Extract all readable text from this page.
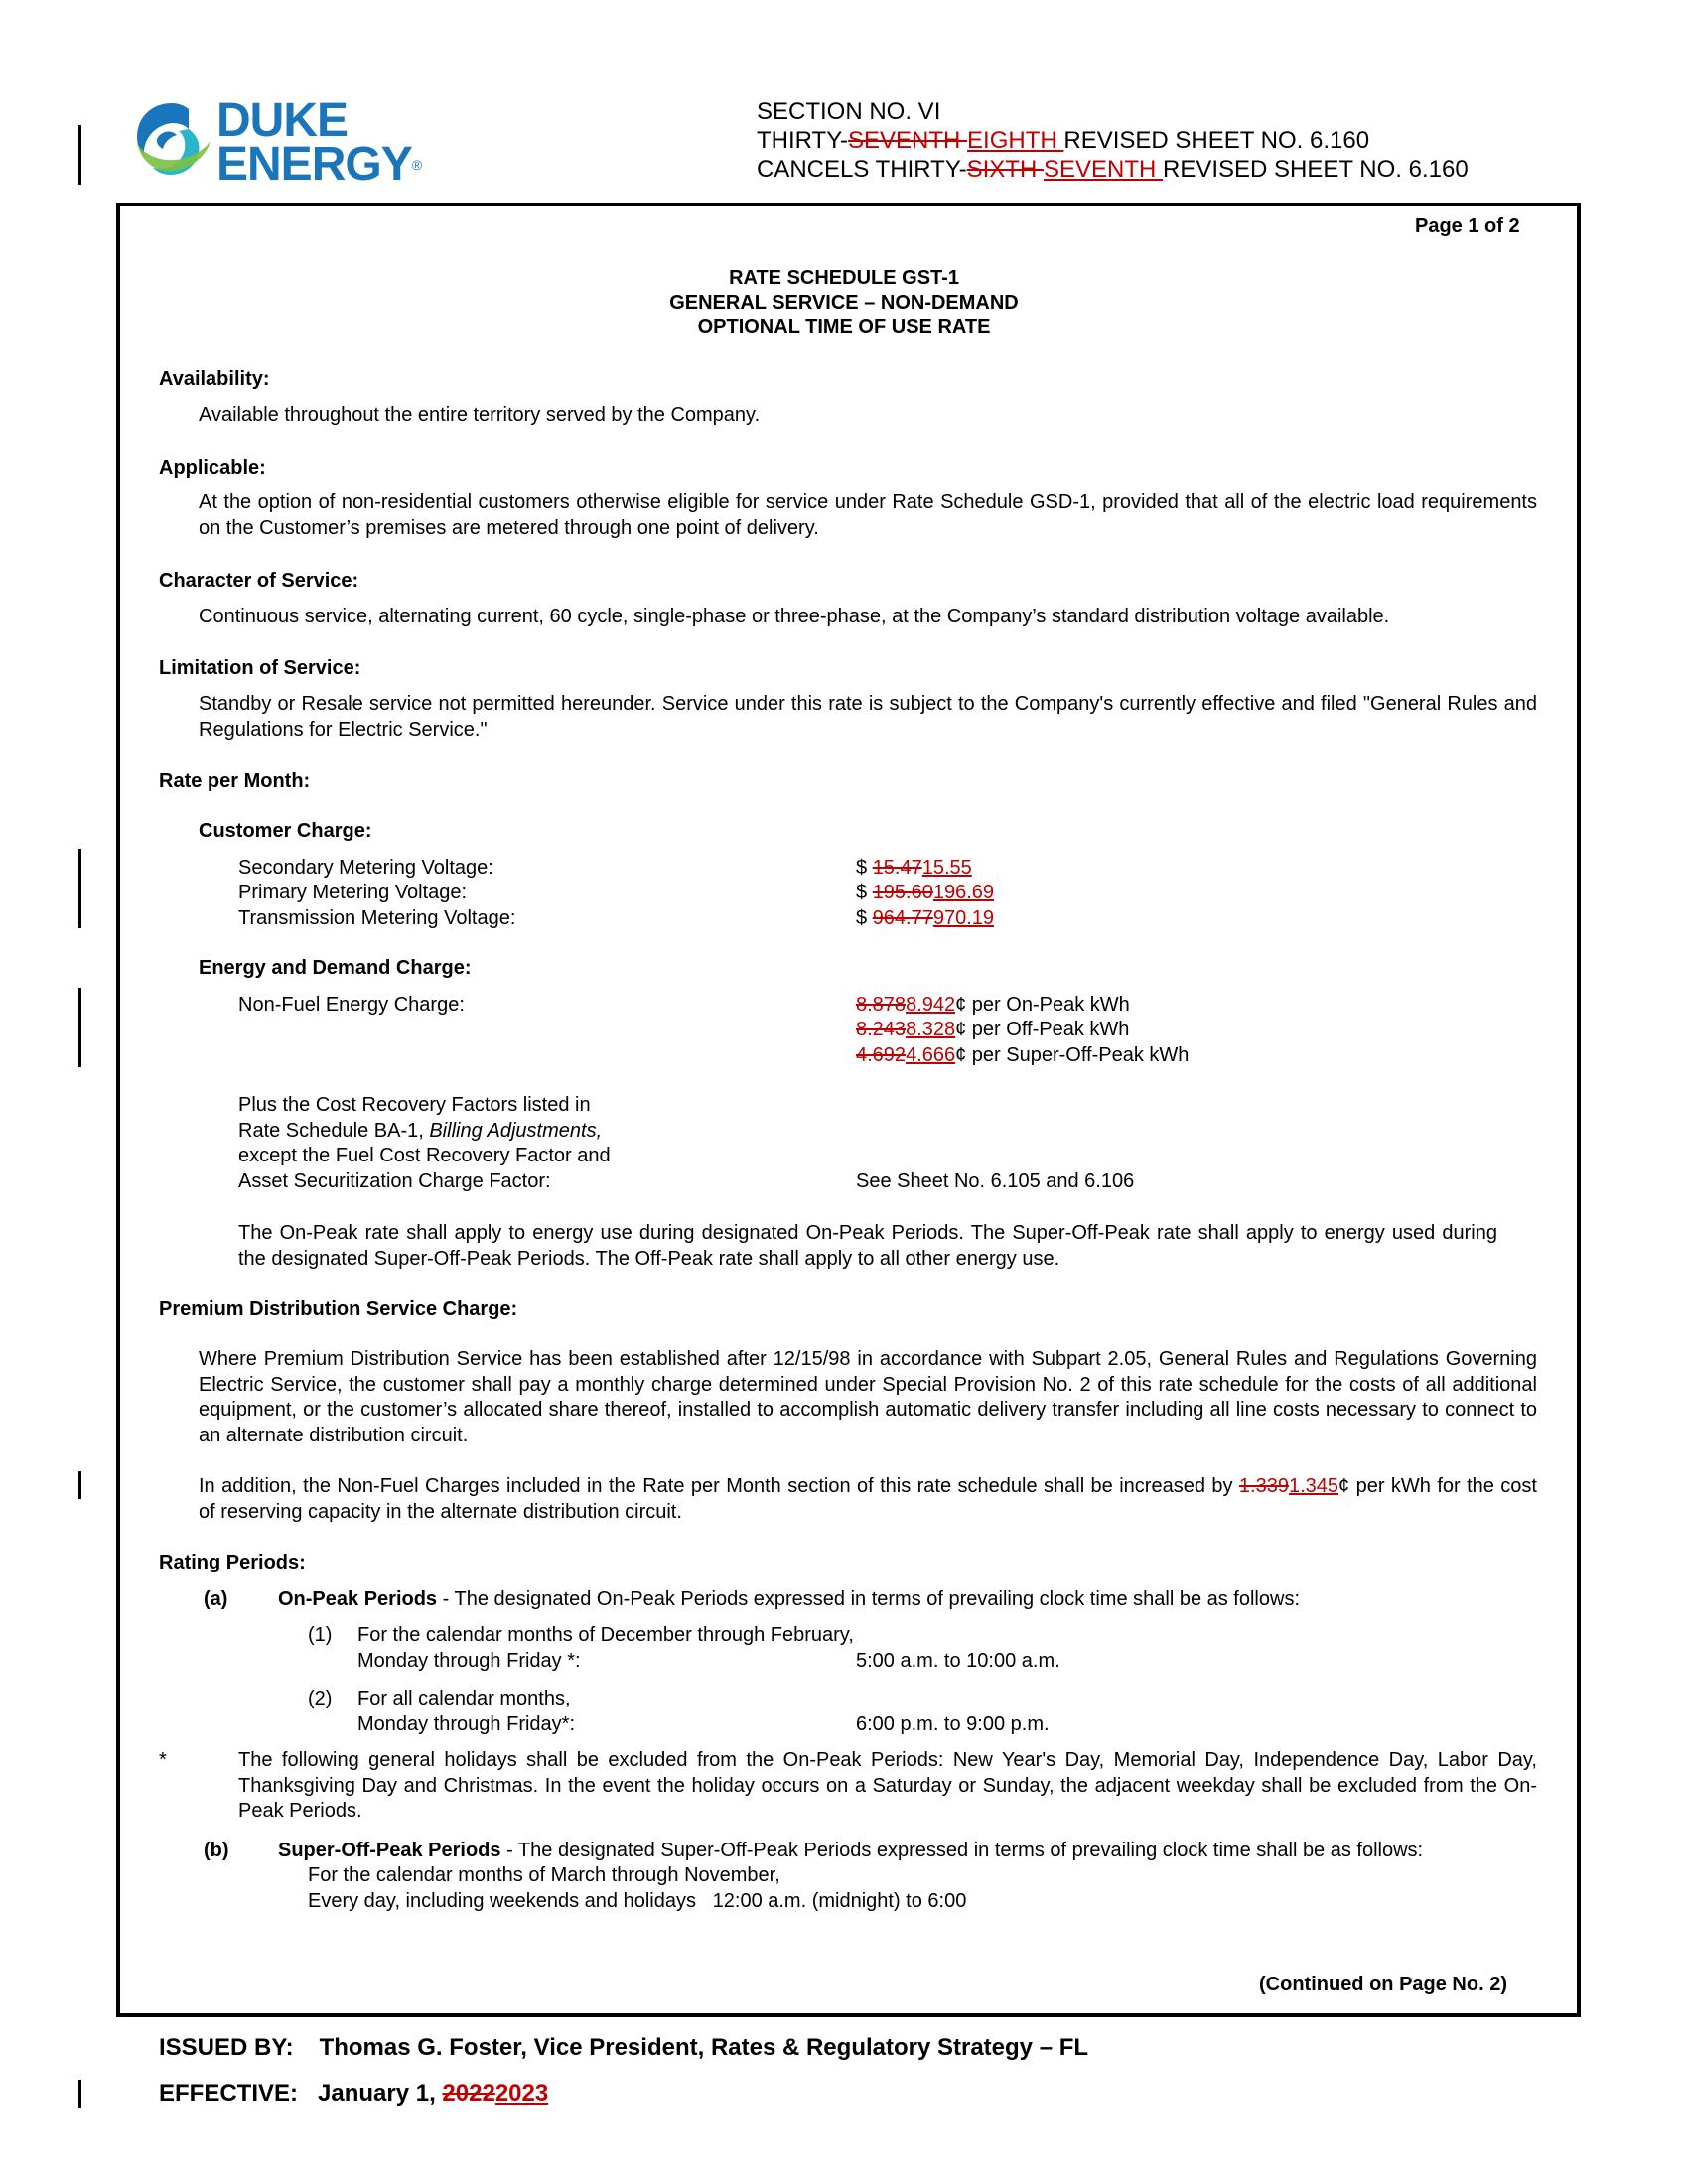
DUKE
ENERGY®
SECTION NO. VI
THIRTY-SEVENTH EIGHTH REVISED SHEET NO. 6.160
CANCELS THIRTY-SIXTH SEVENTH REVISED SHEET NO. 6.160
Page 1 of 2
RATE SCHEDULE GST-1
GENERAL SERVICE – NON-DEMAND
OPTIONAL TIME OF USE RATE
Availability:
Available throughout the entire territory served by the Company.
Applicable:
At the option of non-residential customers otherwise eligible for service under Rate Schedule GSD-1, provided that all of the electric load requirements on the Customer’s premises are metered through one point of delivery.
Character of Service:
Continuous service, alternating current, 60 cycle, single-phase or three-phase, at the Company’s standard distribution voltage available.
Limitation of Service:
Standby or Resale service not permitted hereunder. Service under this rate is subject to the Company's currently effective and filed "General Rules and Regulations for Electric Service."
Rate per Month:
Customer Charge:
Secondary Metering Voltage:	$ 15.4715.55
Primary Metering Voltage:	$ 195.60196.69
Transmission Metering Voltage:	$ 964.77970.19
Energy and Demand Charge:
Non-Fuel Energy Charge:	8.8788.942¢ per On-Peak kWh
8.2438.328¢ per Off-Peak kWh
4.6924.666¢ per Super-Off-Peak kWh
Plus the Cost Recovery Factors listed in
Rate Schedule BA-1, Billing Adjustments,
except the Fuel Cost Recovery Factor and
Asset Securitization Charge Factor:	See Sheet No. 6.105 and 6.106
The On-Peak rate shall apply to energy use during designated On-Peak Periods. The Super-Off-Peak rate shall apply to energy used during the designated Super-Off-Peak Periods. The Off-Peak rate shall apply to all other energy use.
Premium Distribution Service Charge:
Where Premium Distribution Service has been established after 12/15/98 in accordance with Subpart 2.05, General Rules and Regulations Governing Electric Service, the customer shall pay a monthly charge determined under Special Provision No. 2 of this rate schedule for the costs of all additional equipment, or the customer’s allocated share thereof, installed to accomplish automatic delivery transfer including all line costs necessary to connect to an alternate distribution circuit.
In addition, the Non-Fuel Charges included in the Rate per Month section of this rate schedule shall be increased by 1.3391.345¢ per kWh for the cost of reserving capacity in the alternate distribution circuit.
Rating Periods:
(a)	On-Peak Periods - The designated On-Peak Periods expressed in terms of prevailing clock time shall be as follows:
(1) For the calendar months of December through February,
Monday through Friday *:	5:00 a.m. to 10:00 a.m.
(2) For all calendar months,
Monday through Friday*:	6:00 p.m. to 9:00 p.m.
*	The following general holidays shall be excluded from the On-Peak Periods: New Year's Day, Memorial Day, Independence Day, Labor Day, Thanksgiving Day and Christmas. In the event the holiday occurs on a Saturday or Sunday, the adjacent weekday shall be excluded from the On-Peak Periods.
(b) Super-Off-Peak Periods - The designated Super-Off-Peak Periods expressed in terms of prevailing clock time shall be as follows:
For the calendar months of March through November,
Every day, including weekends and holidays   12:00 a.m. (midnight) to 6:00
(Continued on Page No. 2)
ISSUED BY: Thomas G. Foster, Vice President, Rates & Regulatory Strategy – FL
EFFECTIVE: January 1, 20222023
